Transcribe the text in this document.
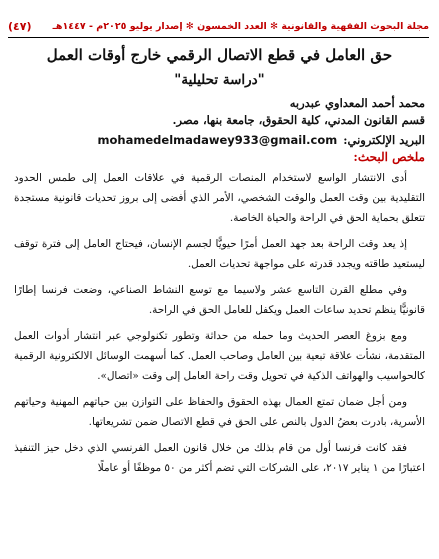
مجلة البحوث الفقهية والقانونية ✻ العدد الخمسون ✻ إصدار يوليو ٢٠٢٥م - ١٤٤٧هـ
(٤٧)
حق العامل في قطع الاتصال الرقمي خارج أوقات العمل
"دراسة تحليلية"
محمد أحمد المعداوي عبدربه
قسم القانون المدني، كلية الحقوق، جامعة بنها، مصر.
البريد الإلكتروني:
mohamedelmadawey933@gmail.com
ملخص البحث:

أدى الانتشار الواسع لاستخدام المنصات الرقمية في علاقات العمل إلى طمس الحدود التقليدية بين وقت العمل والوقت الشخصي، الأمر الذي أفضى إلى بروز تحديات قانونية مستجدة تتعلق بحماية الحق في الراحة والحياة الخاصة.

إذ يعد وقت الراحة بعد جهد العمل أمرًا حيويًّا لجسم الإنسان، فيحتاج العامل إلى فترة توقف ليستعيد طاقته ويجدد قدرته على مواجهة تحديات العمل.

وفي مطلع القرن التاسع عشر ولاسيما مع توسع النشاط الصناعي، وضعت فرنسا إطارًا قانونيًّا ينظم تحديد ساعات العمل ويكفل للعامل الحق في الراحة.

ومع بزوغ العصر الحديث وما حمله من حداثة وتطور تكنولوجي عبر انتشار أدوات العمل المتقدمة، نشأت علاقة تبعية بين العامل وصاحب العمل. كما أسهمت الوسائل الالكترونية الرقمية كالحواسيب والهواتف الذكية في تحويل وقت راحة العامل إلى وقت «اتصال».

ومن أجل ضمان تمتع العمال بهذه الحقوق والحفاظ على التوازن بين حياتهم المهنية وحياتهم الأسرية، بادرت بعضُ الدول بالنص على الحق في قطع الاتصال ضمن تشريعاتها.

فقد كانت فرنسا أول من قام بذلك من خلال قانون العمل الفرنسي الذي دخل حيز التنفيذ اعتبارًا من ١ يناير ٢٠١٧، على الشركات التي تضم أكثر من ٥٠ موظفًا أو عاملًا
